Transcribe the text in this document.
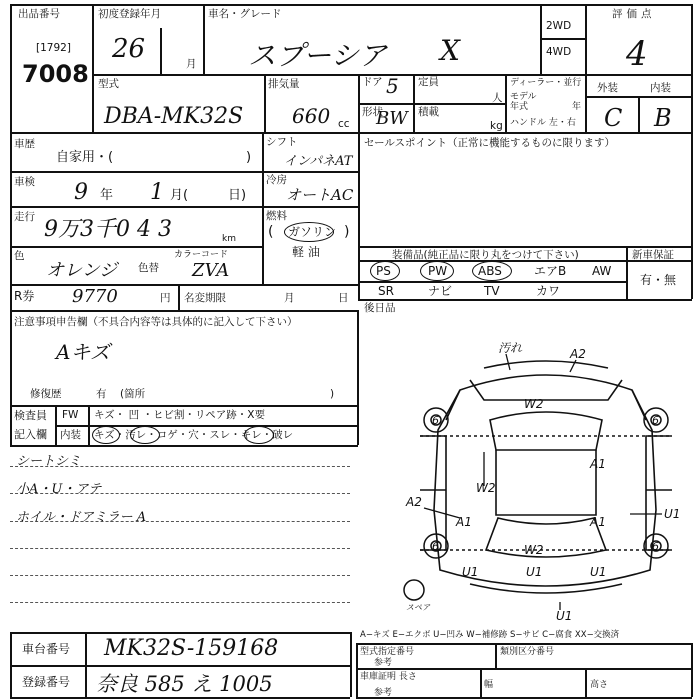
出品番号
[1792]
7008
初度登録年月
26	月
車名・グレード
スプーシア X
2WD
4WD
評価点
4
外装	内装
C B
型式
DBA-MK32S
排気量
660 cc
ドア 5
形状
BW
定員
人
積載
kg
ディーラー・並行
モデル
年式	年
ハンドル 左・右
車歴
自家用・(	)
シフト
インパネAT
セールスポイント（正常に機能するものに限ります）
車検 9 年 1 月(	日)
冷房
オートAC
走行 9万3千0 4 3	km
燃料
( ガソリン
軽 油
)
色
オレンジ 色替
カラーコード
ZVA
装備品(純正品に限り丸をつけて下さい)	新車保証
PS	PW	ABS	エアB AW
SR	ナビ	TV	カワ
有・無
R券 9770	円 名変期限	月	日
後日品
注意事項申告欄（不具合内容等は具体的に記入して下さい）
Aキズ
修復歴	有 (箇所	)
検査員
記入欄
FW キズ・ 凹 ・ヒビ割・リペア跡・X要
内装 キズ・汚レ・コゲ・穴・スレ・キレ・破レ
シートシミ
小A・U・アテ
ホイル・ドアミラー A
車台番号 MK32S-159168
登録番号 奈良 585 え 1005
A−キズ E−エクボ U−凹み W−補修跡 S−サビ C−腐食 XX−交換済
型式指定番号	類別区分番号
参考
車庫証明 長さ
幅	高さ
参考
6	6
6	6
スペア
汚れ	A2
W2
A1
W2
A2
A1	A1
U1
W2
U1
U1	U1
U1
